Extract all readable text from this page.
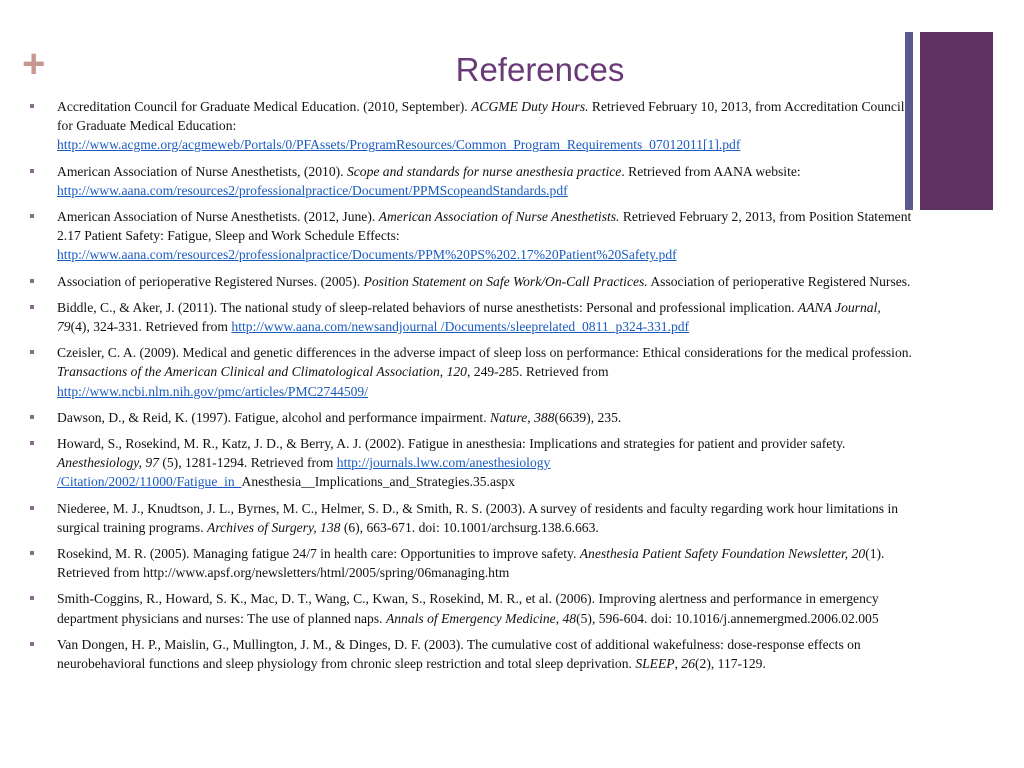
+	References
Accreditation Council for Graduate Medical Education. (2010, September). ACGME Duty Hours. Retrieved February 10, 2013, from Accreditation Council for Graduate Medical Education: http://www.acgme.org/acgmeweb/Portals/0/PFAssets/ProgramResources/Common_Program_Requirements_07012011[1].pdf
American Association of Nurse Anesthetists, (2010). Scope and standards for nurse anesthesia practice. Retrieved from AANA website: http://www.aana.com/resources2/professionalpractice/Document/PPMScopeandStandards.pdf
American Association of Nurse Anesthetists. (2012, June). American Association of Nurse Anesthetists. Retrieved February 2, 2013, from Position Statement 2.17 Patient Safety: Fatigue, Sleep and Work Schedule Effects: http://www.aana.com/resources2/professionalpractice/Documents/PPM%20PS%202.17%20Patient%20Safety.pdf
Association of perioperative Registered Nurses. (2005). Position Statement on Safe Work/On-Call Practices. Association of perioperative Registered Nurses.
Biddle, C., & Aker, J. (2011). The national study of sleep-related behaviors of nurse anesthetists: Personal and professional implication. AANA Journal, 79(4), 324-331. Retrieved from http://www.aana.com/newsandjournal /Documents/sleeprelated_0811_p324-331.pdf
Czeisler, C. A. (2009). Medical and genetic differences in the adverse impact of sleep loss on performance: Ethical considerations for the medical profession. Transactions of the American Clinical and Climatological Association, 120, 249-285. Retrieved from http://www.ncbi.nlm.nih.gov/pmc/articles/PMC2744509/
Dawson, D., & Reid, K. (1997). Fatigue, alcohol and performance impairment. Nature, 388(6639), 235.
Howard, S., Rosekind, M. R., Katz, J. D., & Berry, A. J. (2002). Fatigue in anesthesia: Implications and strategies for patient and provider safety. Anesthesiology, 97 (5), 1281-1294. Retrieved from http://journals.lww.com/anesthesiology /Citation/2002/11000/Fatigue_in_Anesthesia__Implications_and_Strategies.35.aspx
Niederee, M. J., Knudtson, J. L., Byrnes, M. C., Helmer, S. D., & Smith, R. S. (2003). A survey of residents and faculty regarding work hour limitations in surgical training programs. Archives of Surgery, 138 (6), 663-671. doi: 10.1001/archsurg.138.6.663.
Rosekind, M. R. (2005). Managing fatigue 24/7 in health care: Opportunities to improve safety. Anesthesia Patient Safety Foundation Newsletter, 20(1). Retrieved from http://www.apsf.org/newsletters/html/2005/spring/06managing.htm
Smith-Coggins, R., Howard, S. K., Mac, D. T., Wang, C., Kwan, S., Rosekind, M. R., et al. (2006). Improving alertness and performance in emergency department physicians and nurses: The use of planned naps. Annals of Emergency Medicine, 48(5), 596-604. doi: 10.1016/j.annemergmed.2006.02.005
Van Dongen, H. P., Maislin, G., Mullington, J. M., & Dinges, D. F. (2003). The cumulative cost of additional wakefulness: dose-response effects on neurobehavioral functions and sleep physiology from chronic sleep restriction and total sleep deprivation. SLEEP, 26(2), 117-129.
